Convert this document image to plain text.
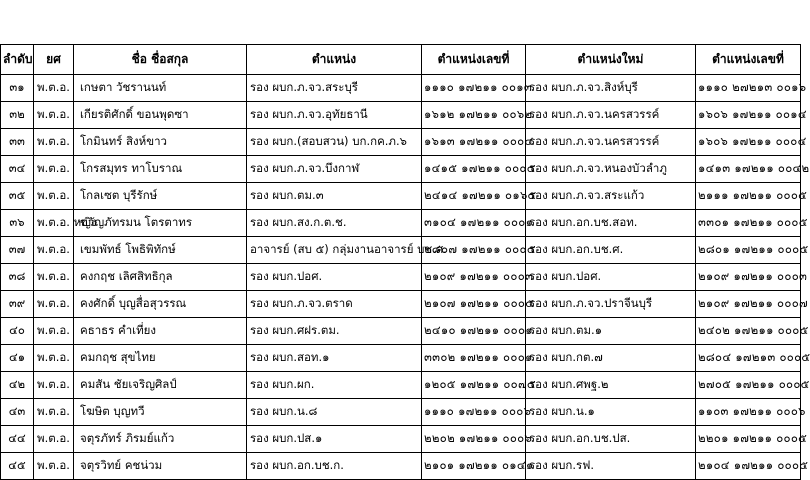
ลำดับ	ยศ	ชื่อ ชื่อสกุล	ตำแหน่ง	ตำแหน่งเลขที่	ตำแหน่งใหม่	ตำแหน่งเลขที่
๓๑	พ.ต.อ.	เกษตา วัชรานนท์	รอง ผบก.ภ.จว.สระบุรี	๑๑๑๐ ๑๗๒๑๑ ๐๐๑๓	รอง ผบก.ภ.จว.สิงห์บุรี	๑๑๑๐ ๒๗๒๑๓ ๐๐๑๖
๓๒	พ.ต.อ.	เกียรติศักดิ์ ขอนพุดซา	รอง ผบก.ภ.จว.อุทัยธานี	๑๖๑๒ ๑๗๒๑๑ ๐๐๖๒	รอง ผบก.ภ.จว.นครสวรรค์	๑๖๐๖ ๑๗๒๑๑ ๐๐๑๔
๓๓	พ.ต.อ.	โกมินทร์ สิงห์ขาว	รอง ผบก.(สอบสวน) บก.กค.ภ.๖	๑๖๑๓ ๑๗๒๑๑ ๐๐๐๔	รอง ผบก.ภ.จว.นครสวรรค์	๑๖๐๖ ๑๗๒๑๑ ๐๐๐๔
๓๔	พ.ต.อ.	โกรสมุทร ทาโบราณ	รอง ผบก.ภ.จว.บึงกาฬ	๑๔๑๕ ๑๗๒๑๑ ๐๐๐๕	รอง ผบก.ภ.จว.หนองบัวลำภู	๑๔๑๓ ๑๗๒๑๑ ๐๐๔๒
๓๕	พ.ต.อ.	โกลเซต บุรีรักษ์	รอง ผบก.ตม.๓	๒๔๑๔ ๑๗๒๑๑ ๐๑๖๕	รอง ผบก.ภ.จว.สระแก้ว	๒๑๑๑ ๑๗๒๑๑ ๐๐๐๕
๓๖	พ.ต.อ. หญิง	ขวัญภัทรมน โตรตาทร	รอง ผบก.สง.ก.ต.ช.	๓๑๐๔ ๑๗๒๑๑ ๐๐๐๑	รอง ผบก.อก.บช.สอท.	๓๓๐๑ ๑๗๒๑๑ ๐๐๐๕
๓๗	พ.ต.อ.	เขมพัทธ์ โพธิพิทักษ์	อาจารย์ (สบ ๕) กลุ่มงานอาจารย์ บช.ศ.	๒๘๐๗ ๑๗๒๑๑ ๐๐๐๕	รอง ผบก.อก.บช.ศ.	๒๘๐๑ ๑๗๒๑๑ ๐๐๐๕
๓๘	พ.ต.อ.	คงกฤช เลิศสิทธิกุล	รอง ผบก.ปอศ.	๒๑๐๙ ๑๗๒๑๑ ๐๐๐๓	รอง ผบก.ปอศ.	๒๑๐๙ ๑๗๒๑๑ ๐๐๐๓
๓๙	พ.ต.อ.	คงศักดิ์ บุญสื่อสุวรรณ	รอง ผบก.ภ.จว.ตราด	๒๑๐๗ ๑๗๒๑๑ ๐๐๐๕	รอง ผบก.ภ.จว.ปราจีนบุรี	๒๑๐๙ ๑๗๒๑๑ ๐๐๐๗
๔๐	พ.ต.อ.	คธาธร คำเที่ยง	รอง ผบก.ศฝร.ตม.	๒๔๑๐ ๑๗๒๑๑ ๐๐๐๑	รอง ผบก.ตม.๑	๒๔๐๒ ๑๗๒๑๑ ๐๐๐๕
๔๑	พ.ต.อ.	คมกฤช สุขไทย	รอง ผบก.สอท.๑	๓๓๐๒ ๑๗๒๑๑ ๐๐๐๑	รอง ผบก.กต.๗	๒๘๐๔ ๑๗๒๑๓ ๐๐๐๕
๔๒	พ.ต.อ.	คมสัน ชัยเจริญศิลป์	รอง ผบก.ผก.	๑๒๐๕ ๑๗๒๑๑ ๐๐๗๕	รอง ผบก.ศพฐ.๒	๒๗๐๕ ๑๗๒๑๑ ๐๐๐๕
๔๓	พ.ต.อ.	โฆษิต บุญทวี	รอง ผบก.น.๘	๑๑๑๐ ๑๗๒๑๑ ๐๐๐๖	รอง ผบก.น.๑	๑๑๐๓ ๑๗๒๑๑ ๐๐๐๖
๔๔	พ.ต.อ.	จตุรภัทร์ ภิรมย์แก้ว	รอง ผบก.ปส.๑	๒๒๐๒ ๑๗๒๑๑ ๐๐๐๖	รอง ผบก.อก.บช.ปส.	๒๒๐๑ ๑๗๒๑๑ ๐๐๐๕
๔๕	พ.ต.อ.	จตุรวิทย์ คชน่วม	รอง ผบก.อก.บช.ก.	๒๑๐๑ ๑๗๒๑๑ ๐๑๔๑	รอง ผบก.รฟ.	๒๑๐๔ ๑๗๒๑๑ ๐๐๐๕
